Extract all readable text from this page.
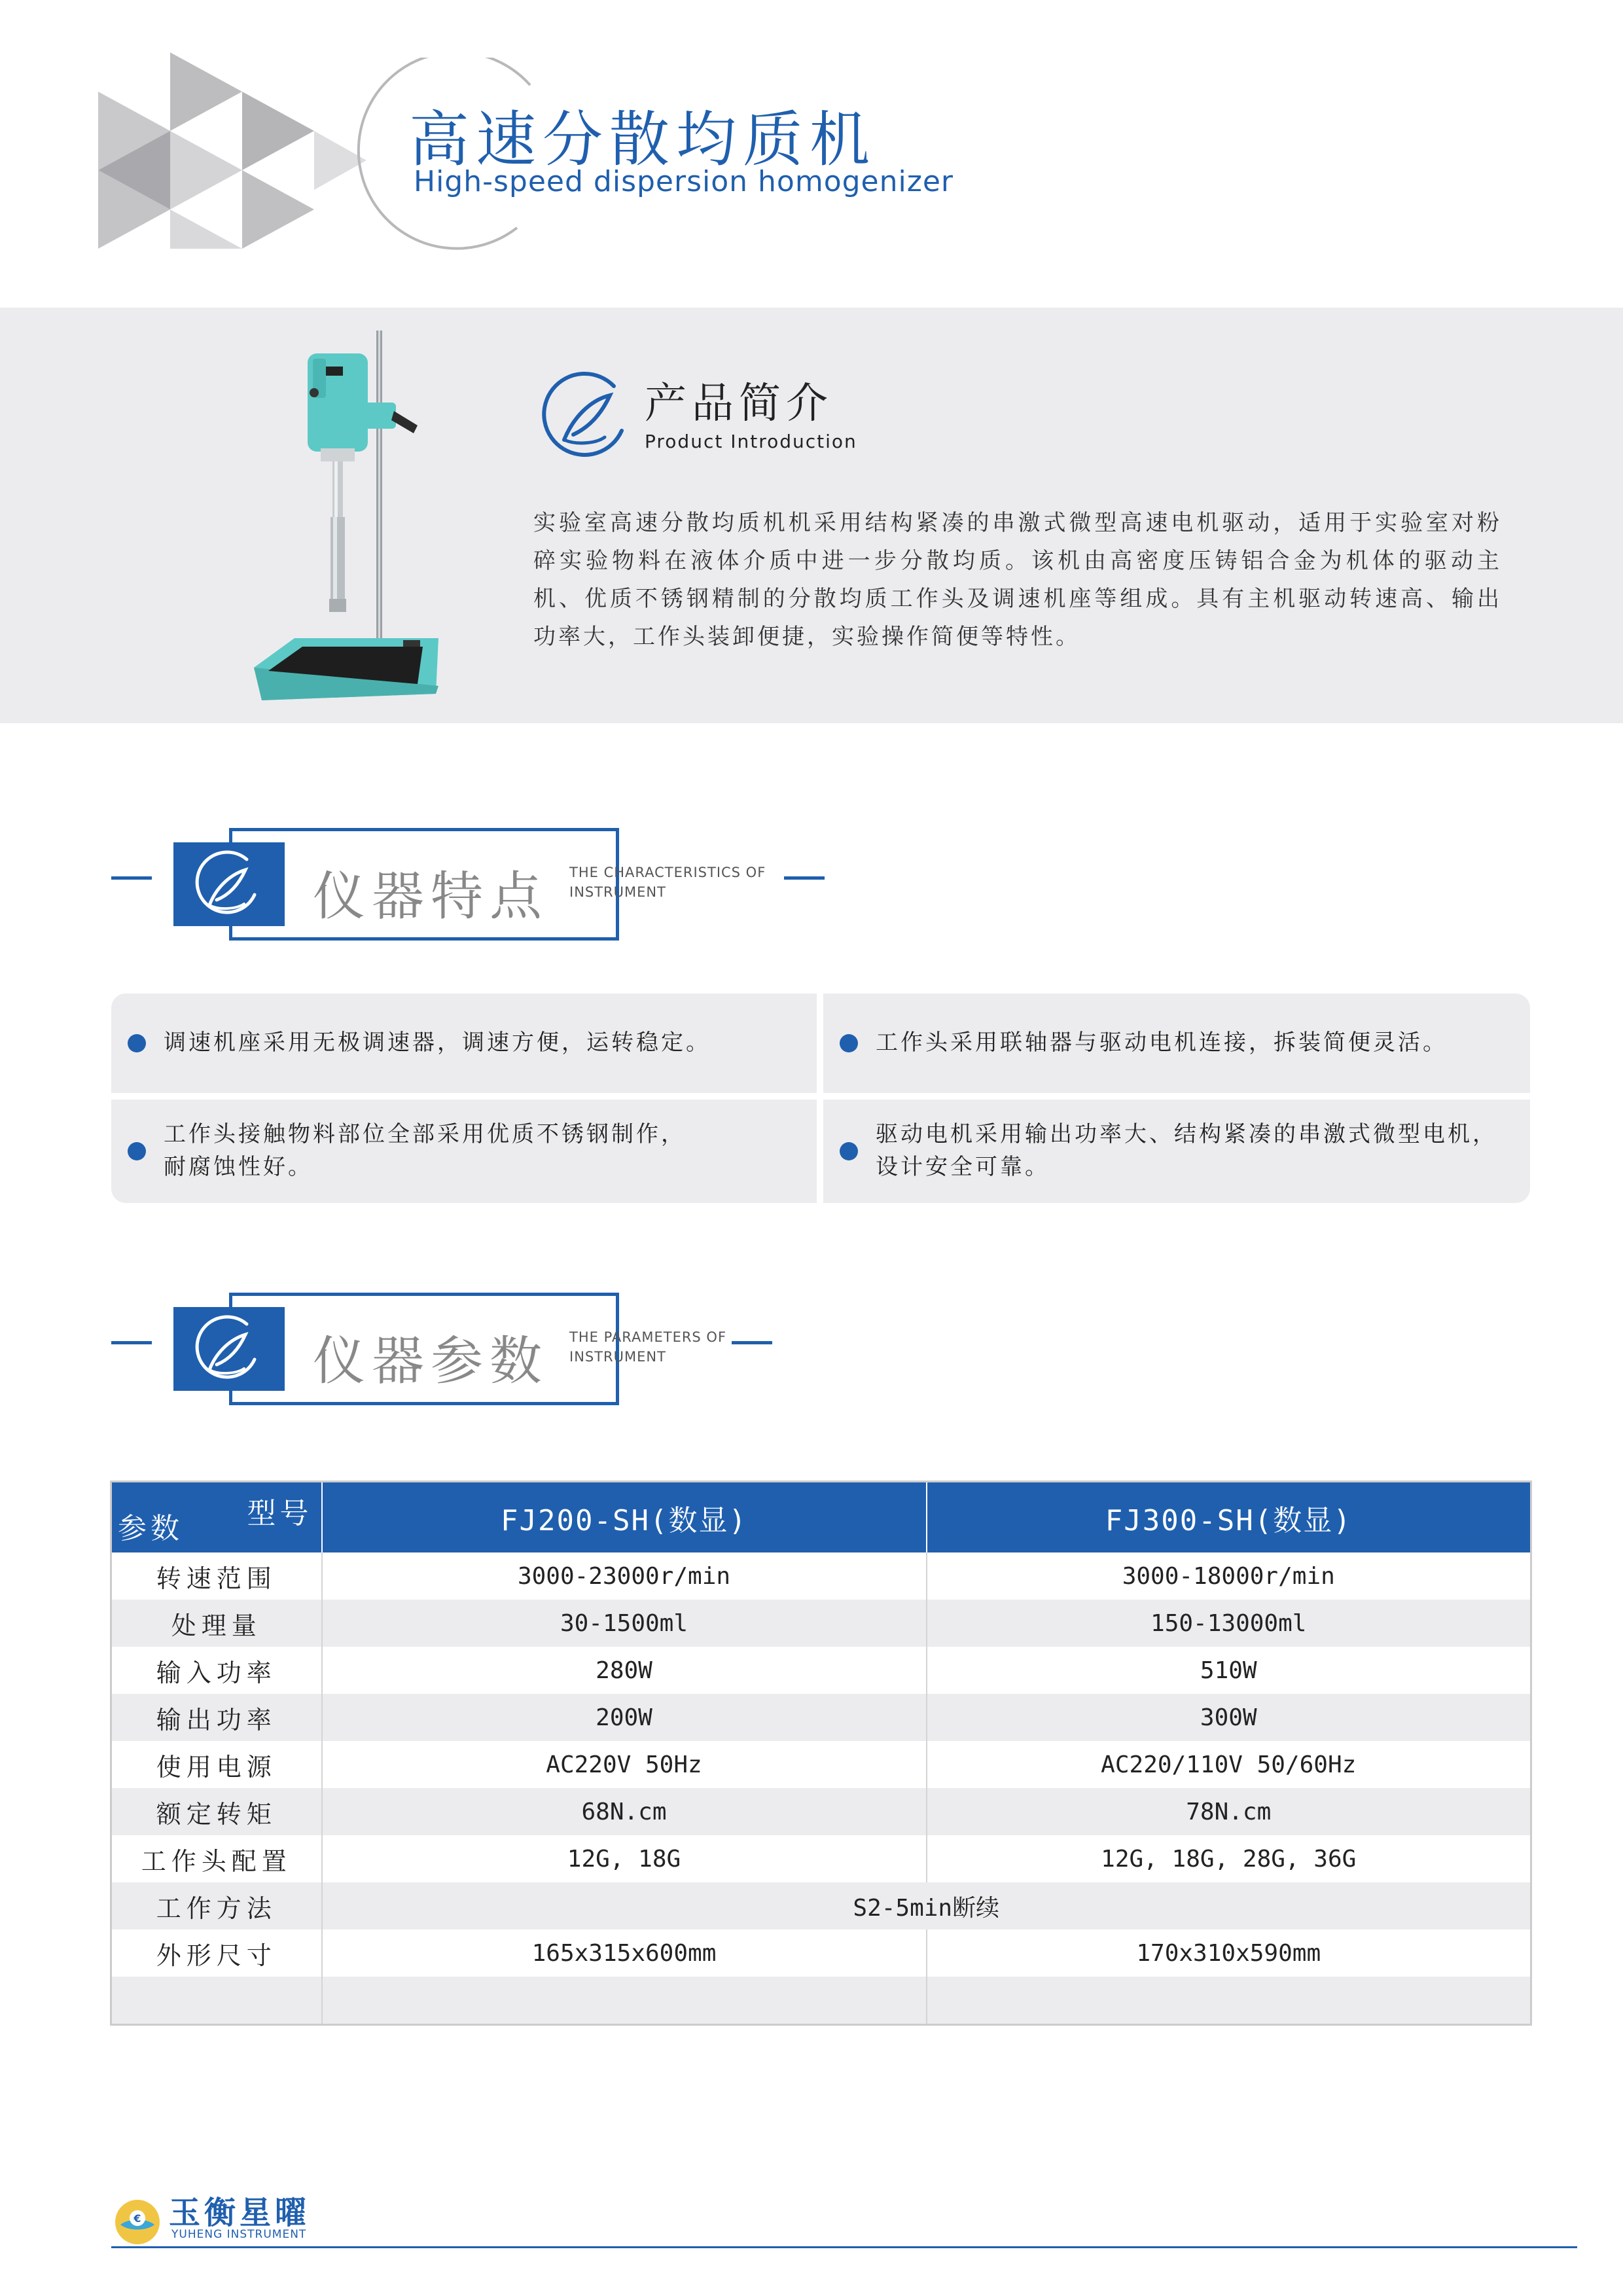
高速分散均质机
High-speed dispersion homogenizer
产品简介
Product Introduction
实验室高速分散均质机机采用结构紧凑的串激式微型高速电机驱动，适用于实验室对粉碎实验物料在液体介质中进一步分散均质。该机由高密度压铸铝合金为机体的驱动主机、优质不锈钢精制的分散均质工作头及调速机座等组成。具有主机驱动转速高、输出功率大，工作头装卸便捷，实验操作简便等特性。
仪器特点 THE CHARACTERISTICS OF
INSTRUMENT
调速机座采用无极调速器，调速方便，运转稳定。	工作头采用联轴器与驱动电机连接，拆装简便灵活。
工作头接触物料部位全部采用优质不锈钢制作，
耐腐蚀性好。
驱动电机采用输出功率大、结构紧凑的串激式微型电机，
设计安全可靠。
仪器参数 THE PARAMETERS OF
INSTRUMENT
型号
参数	FJ200-SH(数显)	FJ300-SH(数显)
转速范围	3000-23000r/min	3000-18000r/min
处理量	30-1500ml	150-13000ml
输入功率	280W	510W
输出功率	200W	300W
使用电源	AC220V 50Hz	AC220/110V 50/60Hz
额定转矩	68N.cm	78N.cm
工作头配置	12G, 18G	12G, 18G, 28G, 36G
工作方法	S2-5min断续	
外形尺寸	165x315x600mm	170x310x590mm

€ 玉衡星曜
YUHENG INSTRUMENT
